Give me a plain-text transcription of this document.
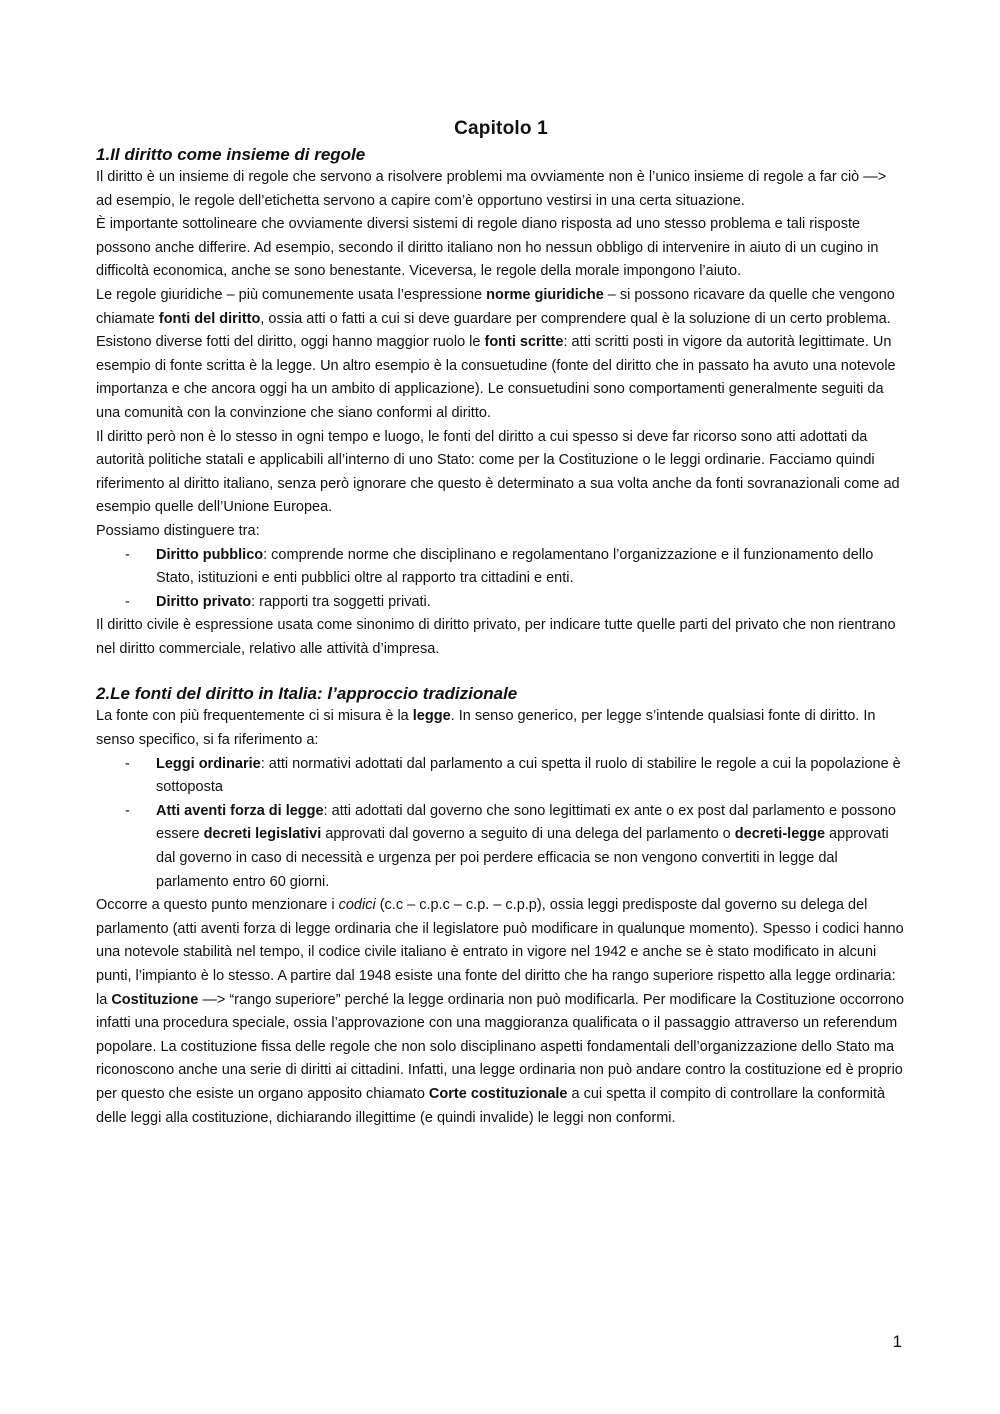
Capitolo 1
1.Il diritto come insieme di regole

Il diritto è un insieme di regole che servono a risolvere problemi ma ovviamente non è l’unico insieme di regole a far ciò —> ad esempio, le regole dell’etichetta servono a capire com’è opportuno vestirsi in una certa situazione.

È importante sottolineare che ovviamente diversi sistemi di regole diano risposta ad uno stesso problema e tali risposte possono anche differire. Ad esempio, secondo il diritto italiano non ho nessun obbligo di intervenire in aiuto di un cugino in difficoltà economica, anche se sono benestante. Viceversa, le regole della morale impongono l’aiuto.

Le regole giuridiche – più comunemente usata l’espressione norme giuridiche – si possono ricavare da quelle che vengono chiamate fonti del diritto, ossia atti o fatti a cui si deve guardare per comprendere qual è la soluzione di un certo problema. Esistono diverse fotti del diritto, oggi hanno maggior ruolo le fonti scritte: atti scritti posti in vigore da autorità legittimate. Un esempio di fonte scritta è la legge. Un altro esempio è la consuetudine (fonte del diritto che in passato ha avuto una notevole importanza e che ancora oggi ha un ambito di applicazione). Le consuetudini sono comportamenti generalmente seguiti da una comunità con la convinzione che siano conformi al diritto.

Il diritto però non è lo stesso in ogni tempo e luogo, le fonti del diritto a cui spesso si deve far ricorso sono atti adottati da autorità politiche statali e applicabili all’interno di uno Stato: come per la Costituzione o le leggi ordinarie. Facciamo quindi riferimento al diritto italiano, senza però ignorare che questo è determinato a sua volta anche da fonti sovranazionali come ad esempio quelle dell’Unione Europea.

Possiamo distinguere tra:

- Diritto pubblico: comprende norme che disciplinano e regolamentano l’organizzazione e il funzionamento dello Stato, istituzioni e enti pubblici oltre al rapporto tra cittadini e enti.
- Diritto privato: rapporti tra soggetti privati.

Il diritto civile è espressione usata come sinonimo di diritto privato, per indicare tutte quelle parti del privato che non rientrano nel diritto commerciale, relativo alle attività d’impresa.

2.Le fonti del diritto in Italia: l’approccio tradizionale

La fonte con più frequentemente ci si misura è la legge. In senso generico, per legge s’intende qualsiasi fonte di diritto. In senso specifico, si fa riferimento a:

- Leggi ordinarie: atti normativi adottati dal parlamento a cui spetta il ruolo di stabilire le regole a cui la popolazione è sottoposta
- Atti aventi forza di legge: atti adottati dal governo che sono legittimati ex ante o ex post dal parlamento e possono essere decreti legislativi approvati dal governo a seguito di una delega del parlamento o decreti-legge approvati dal governo in caso di necessità e urgenza per poi perdere efficacia se non vengono convertiti in legge dal parlamento entro 60 giorni.

Occorre a questo punto menzionare i codici (c.c – c.p.c – c.p. – c.p.p), ossia leggi predisposte dal governo su delega del parlamento (atti aventi forza di legge ordinaria che il legislatore può modificare in qualunque momento). Spesso i codici hanno una notevole stabilità nel tempo, il codice civile italiano è entrato in vigore nel 1942 e anche se è stato modificato in alcuni punti, l’impianto è lo stesso. A partire dal 1948 esiste una fonte del diritto che ha rango superiore rispetto alla legge ordinaria: la Costituzione —> “rango superiore” perché la legge ordinaria non può modificarla. Per modificare la Costituzione occorrono infatti una procedura speciale, ossia l’approvazione con una maggioranza qualificata o il passaggio attraverso un referendum popolare. La costituzione fissa delle regole che non solo disciplinano aspetti fondamentali dell’organizzazione dello Stato ma riconoscono anche una serie di diritti ai cittadini. Infatti, una legge ordinaria non può andare contro la costituzione ed è proprio per questo che esiste un organo apposito chiamato Corte costituzionale a cui spetta il compito di controllare la conformità delle leggi alla costituzione, dichiarando illegittime (e quindi invalide) le leggi non conformi.

1
